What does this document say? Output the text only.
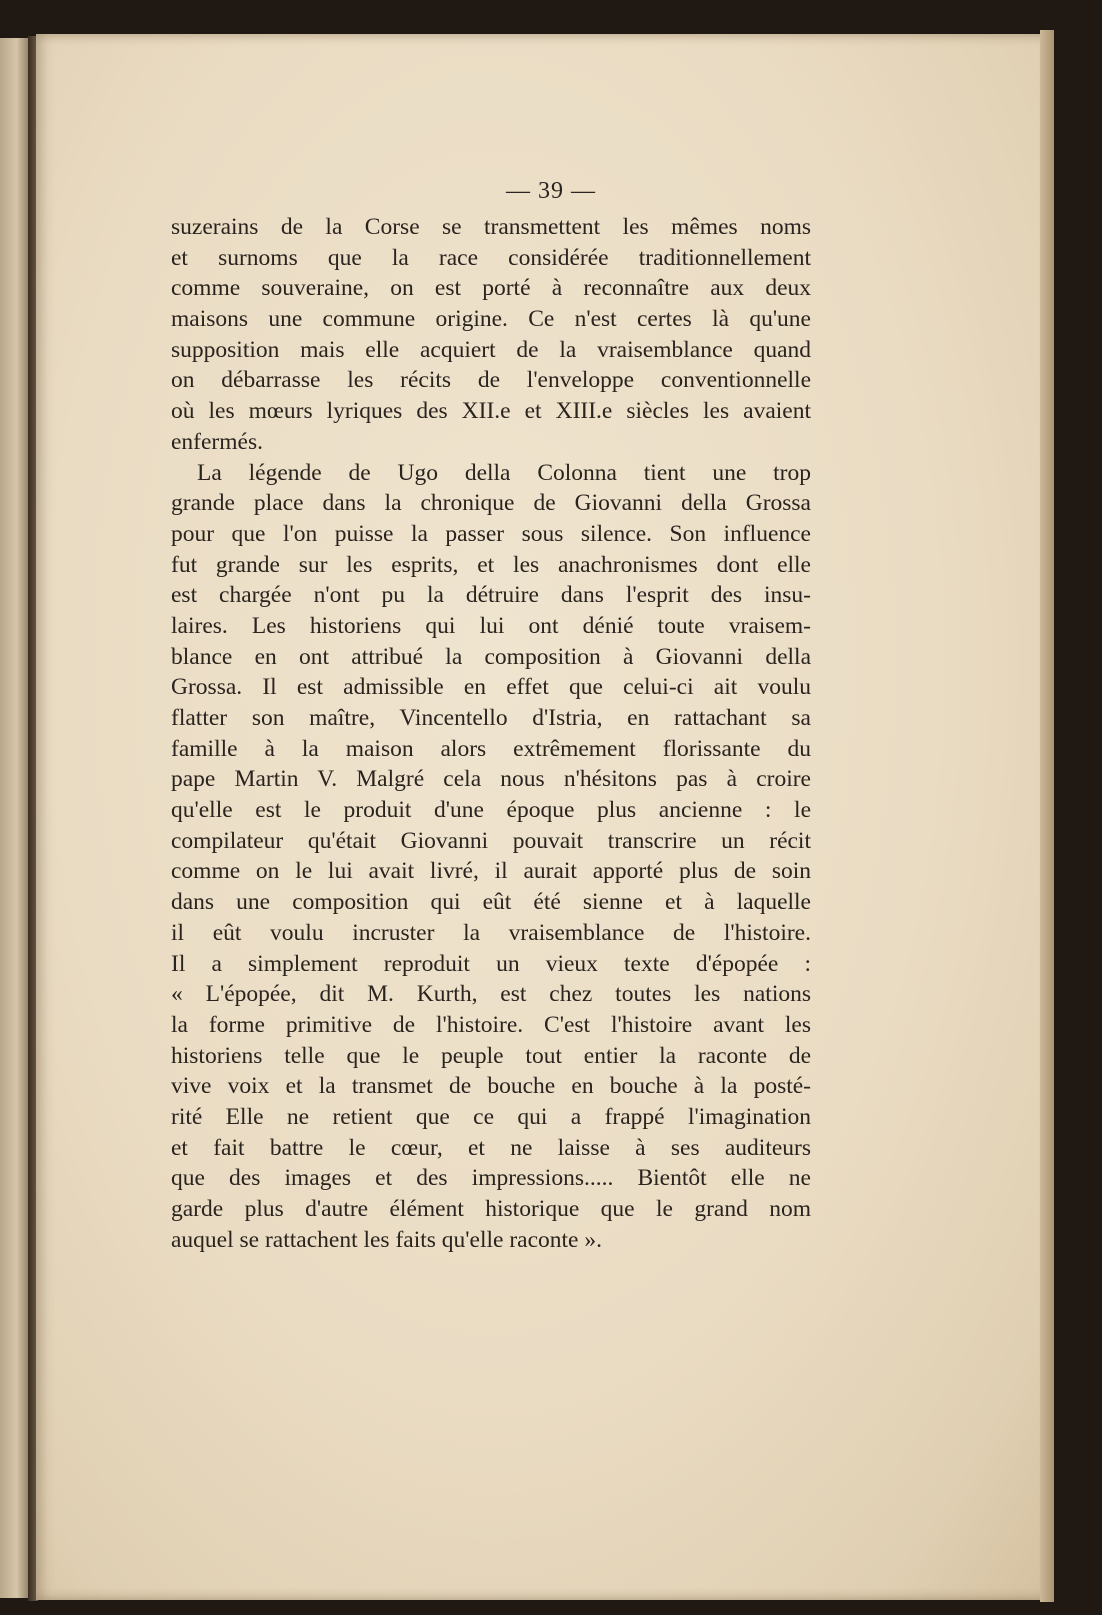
— 39 —
suzerains de la Corse se transmettent les mêmes noms
et surnoms que la race considérée traditionnellement
comme souveraine, on est porté à reconnaître aux deux
maisons une commune origine. Ce n'est certes là qu'une
supposition mais elle acquiert de la vraisemblance quand
on débarrasse les récits de l'enveloppe conventionnelle
où les mœurs lyriques des XII.e et XIII.e siècles les avaient
enfermés.
La légende de Ugo della Colonna tient une trop
grande place dans la chronique de Giovanni della Grossa
pour que l'on puisse la passer sous silence. Son influence
fut grande sur les esprits, et les anachronismes dont elle
est chargée n'ont pu la détruire dans l'esprit des insu-
laires. Les historiens qui lui ont dénié toute vraisem-
blance en ont attribué la composition à Giovanni della
Grossa. Il est admissible en effet que celui-ci ait voulu
flatter son maître, Vincentello d'Istria, en rattachant sa
famille à la maison alors extrêmement florissante du
pape Martin V. Malgré cela nous n'hésitons pas à croire
qu'elle est le produit d'une époque plus ancienne : le
compilateur qu'était Giovanni pouvait transcrire un récit
comme on le lui avait livré, il aurait apporté plus de soin
dans une composition qui eût été sienne et à laquelle
il eût voulu incruster la vraisemblance de l'histoire.
Il a simplement reproduit un vieux texte d'épopée :
« L'épopée, dit M. Kurth, est chez toutes les nations
la forme primitive de l'histoire. C'est l'histoire avant les
historiens telle que le peuple tout entier la raconte de
vive voix et la transmet de bouche en bouche à la posté-
rité Elle ne retient que ce qui a frappé l'imagination
et fait battre le cœur, et ne laisse à ses auditeurs
que des images et des impressions..... Bientôt elle ne
garde plus d'autre élément historique que le grand nom
auquel se rattachent les faits qu'elle raconte ».
